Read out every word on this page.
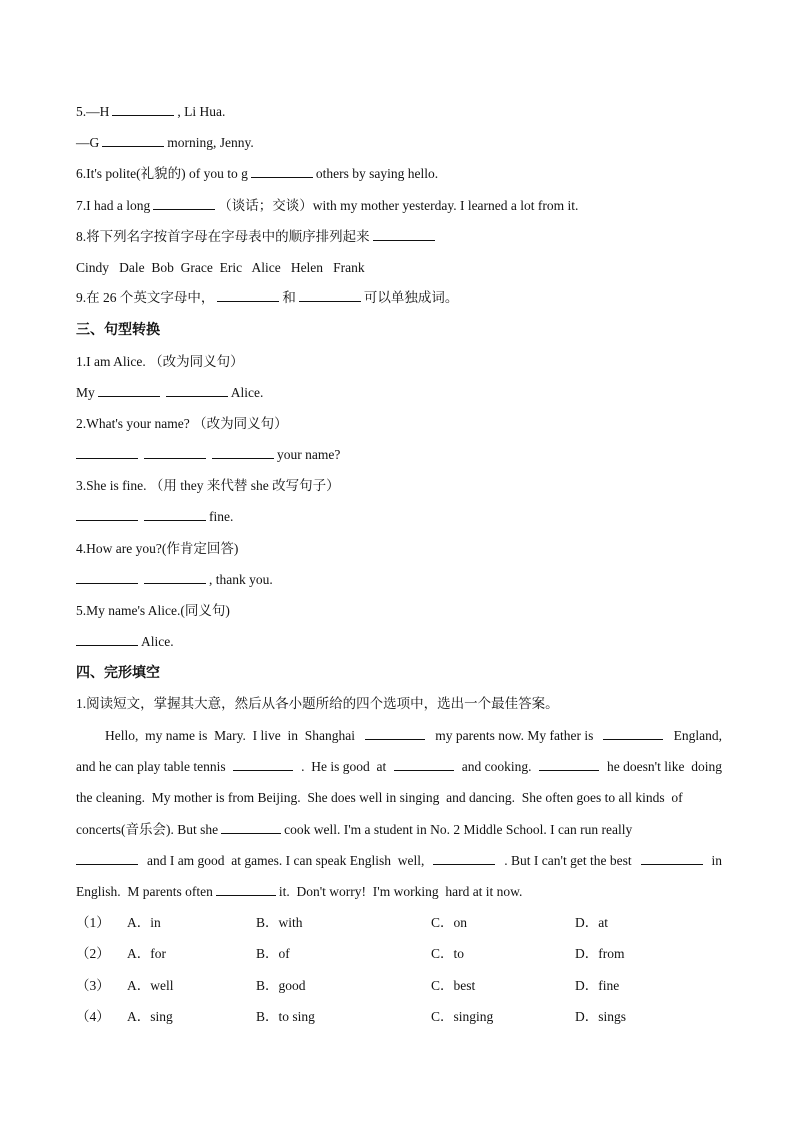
5.—H	, Li Hua.
—G	morning, Jenny.
6.It's polite(礼貌的) of you to g	others by saying hello.
7.I had a long	（谈话；交谈）with my mother yesterday. I learned a lot from it.
8.将下列名字按首字母在字母表中的顺序排列起来
Cindy   Dale  Bob  Grace  Eric   Alice   Helen   Frank
9.在 26 个英文字母中，	和	可以单独成词。
三、句型转换
1.I am Alice. （改为同义句）
My	Alice.
2.What's your name? （改为同义句）
your name?
3.She is fine. （用 they 来代替 she 改写句子）
fine.
4.How are you?(作肯定回答)
, thank you.
5.My name's Alice.(同义句)
Alice.
四、完形填空
1.阅读短文，掌握其大意，然后从各小题所给的四个选项中，选出一个最佳答案。
Hello,  my name is  Mary.  I live  in  Shanghai	my parents now. My father is	England,
and he can play table tennis	.  He is good  at	and cooking.	he doesn't like  doing
the cleaning.  My mother is from Beijing.  She does well in singing  and dancing.  She often goes to all kinds  of
concerts(音乐会). But she	cook well. I'm a student in No. 2 Middle School. I can run really
and I am good  at games. I can speak English  well,	. But I can't get the best	in
English.  M parents often	it.  Don't worry!  I'm working  hard at it now.
（1） A．in	B．with	C．on	D．at
（2） A．for	B．of	C．to	D．from
（3） A．well	B．good	C．best	D．fine
（4） A．sing	B．to sing	C．singing	D．sings
